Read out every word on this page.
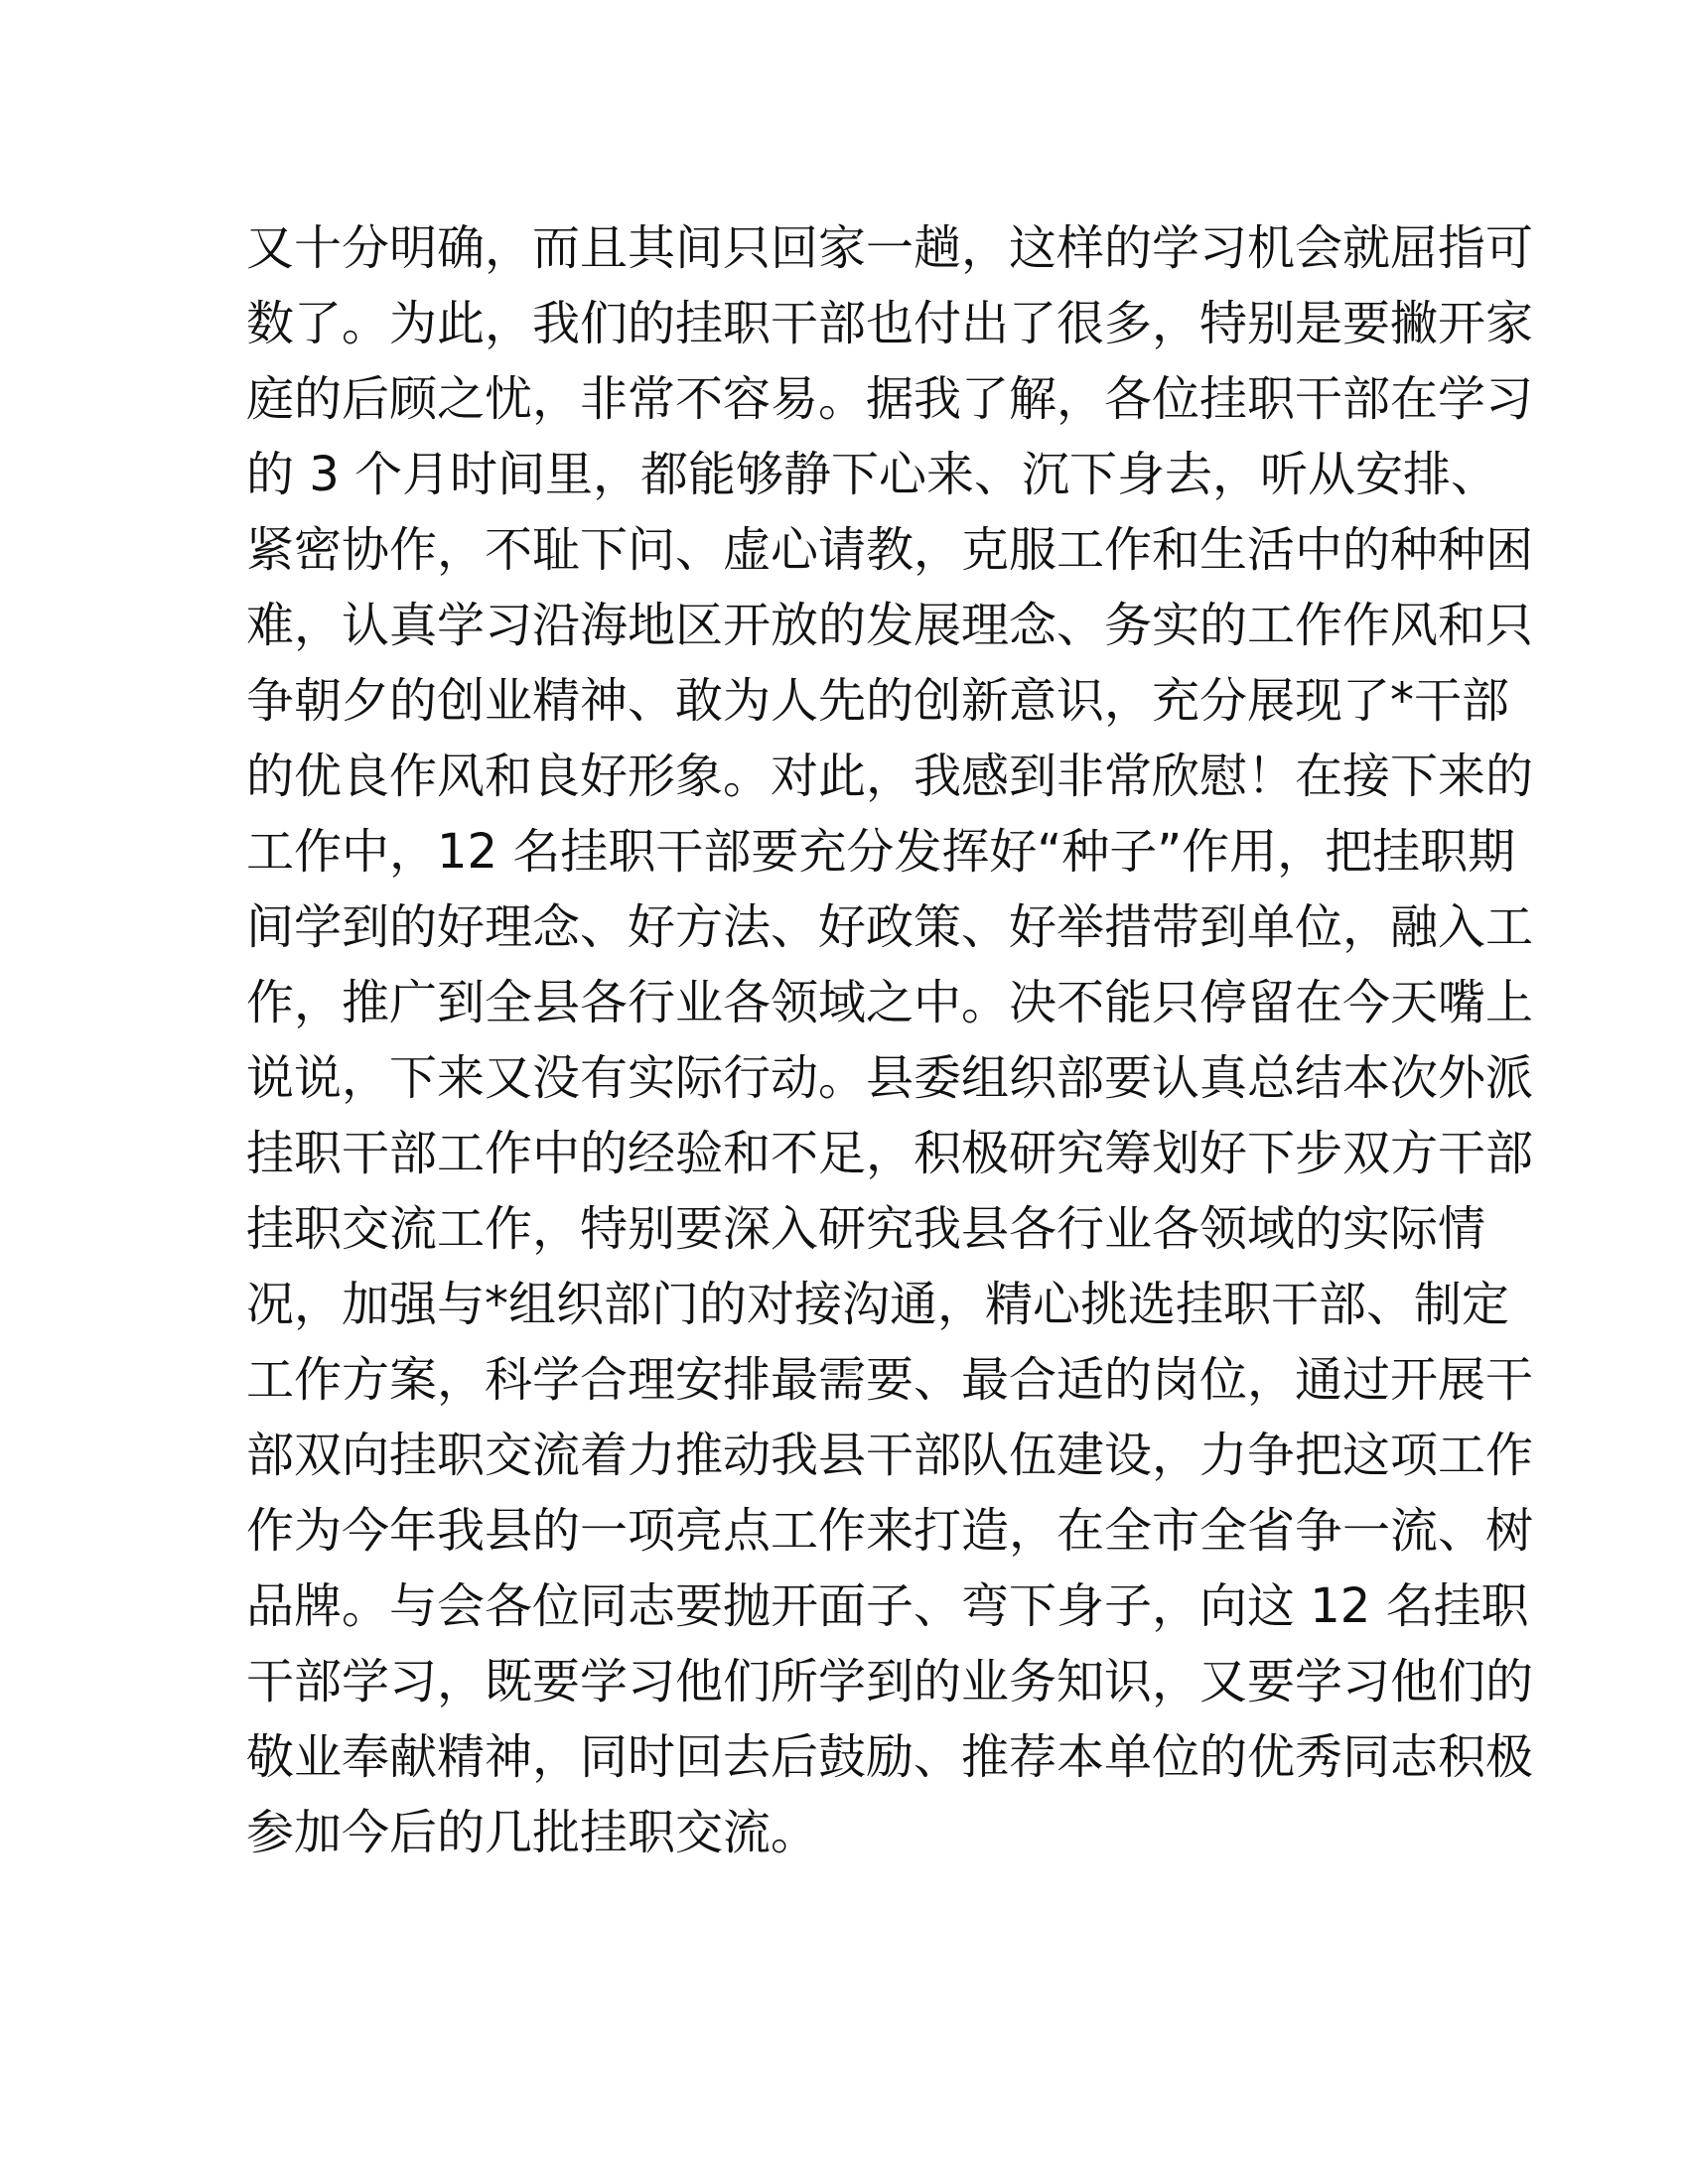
又十分明确，而且其间只回家一趟，这样的学习机会就屈指可
数了。为此，我们的挂职干部也付出了很多，特别是要撇开家
庭的后顾之忧，非常不容易。据我了解，各位挂职干部在学习
的 3 个月时间里，都能够静下心来、沉下身去，听从安排、
紧密协作，不耻下问、虚心请教，克服工作和生活中的种种困
难，认真学习沿海地区开放的发展理念、务实的工作作风和只
争朝夕的创业精神、敢为人先的创新意识，充分展现了*干部
的优良作风和良好形象。对此，我感到非常欣慰！在接下来的
工作中，12 名挂职干部要充分发挥好“种子”作用，把挂职期
间学到的好理念、好方法、好政策、好举措带到单位，融入工
作，推广到全县各行业各领域之中。决不能只停留在今天嘴上
说说，下来又没有实际行动。县委组织部要认真总结本次外派
挂职干部工作中的经验和不足，积极研究筹划好下步双方干部
挂职交流工作，特别要深入研究我县各行业各领域的实际情
况，加强与*组织部门的对接沟通，精心挑选挂职干部、制定
工作方案，科学合理安排最需要、最合适的岗位，通过开展干
部双向挂职交流着力推动我县干部队伍建设，力争把这项工作
作为今年我县的一项亮点工作来打造，在全市全省争一流、树
品牌。与会各位同志要抛开面子、弯下身子，向这 12 名挂职
干部学习，既要学习他们所学到的业务知识，又要学习他们的
敬业奉献精神，同时回去后鼓励、推荐本单位的优秀同志积极
参加今后的几批挂职交流。
